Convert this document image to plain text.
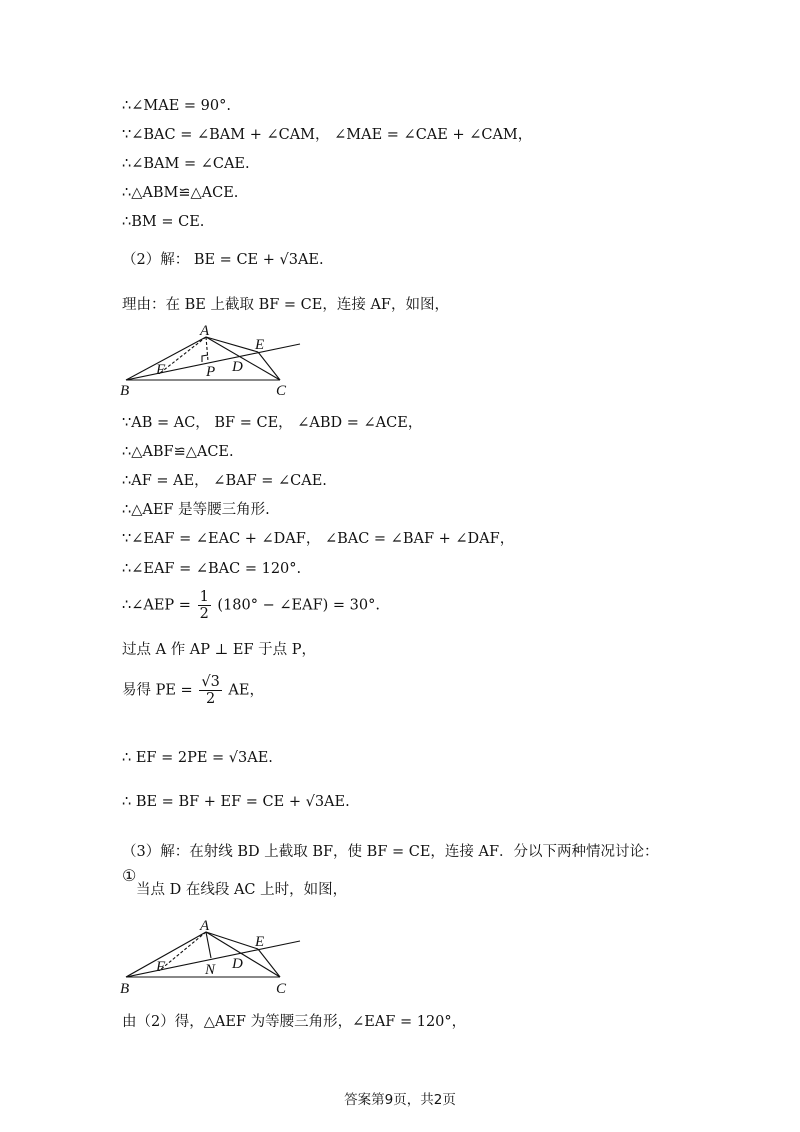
∴∠MAE = 90°.
∵∠BAC = ∠BAM + ∠CAM， ∠MAE = ∠CAE + ∠CAM，
∴∠BAM = ∠CAE.
∴△ABM≌△ACE.
∴BM = CE.
（2）解： BE = CE + √3AE.
理由：在 BE 上截取 BF = CE，连接 AF，如图，
A
E
F	P D
B	C
∵AB = AC， BF = CE， ∠ABD = ∠ACE，
∴△ABF≌△ACE.
∴AF = AE， ∠BAF = ∠CAE.
∴△AEF 是等腰三角形.
∵∠EAF = ∠EAC + ∠DAF， ∠BAC = ∠BAF + ∠DAF，
∴∠EAF = ∠BAC = 120°.
∴∠AEP = $\frac{1}{2} (180^\circ$ − ∠EAF) = 30°.
过点 A 作 AP ⊥ EF 于点 P，
易得 PE = $\frac{√3}{2}$ AE，
∴ EF = 2PE = √3AE.
∴ BE = BF + EF = CE + √3AE.
（3）解：在射线 BD 上截取 BF，使 BF = CE，连接 AF．分以下两种情况讨论：
①
当点 D 在线段 AC 上时，如图，
A
E
F	N D
B	C
由（2）得，△AEF 为等腰三角形，∠EAF = 120°，
答案第9页，共2页
